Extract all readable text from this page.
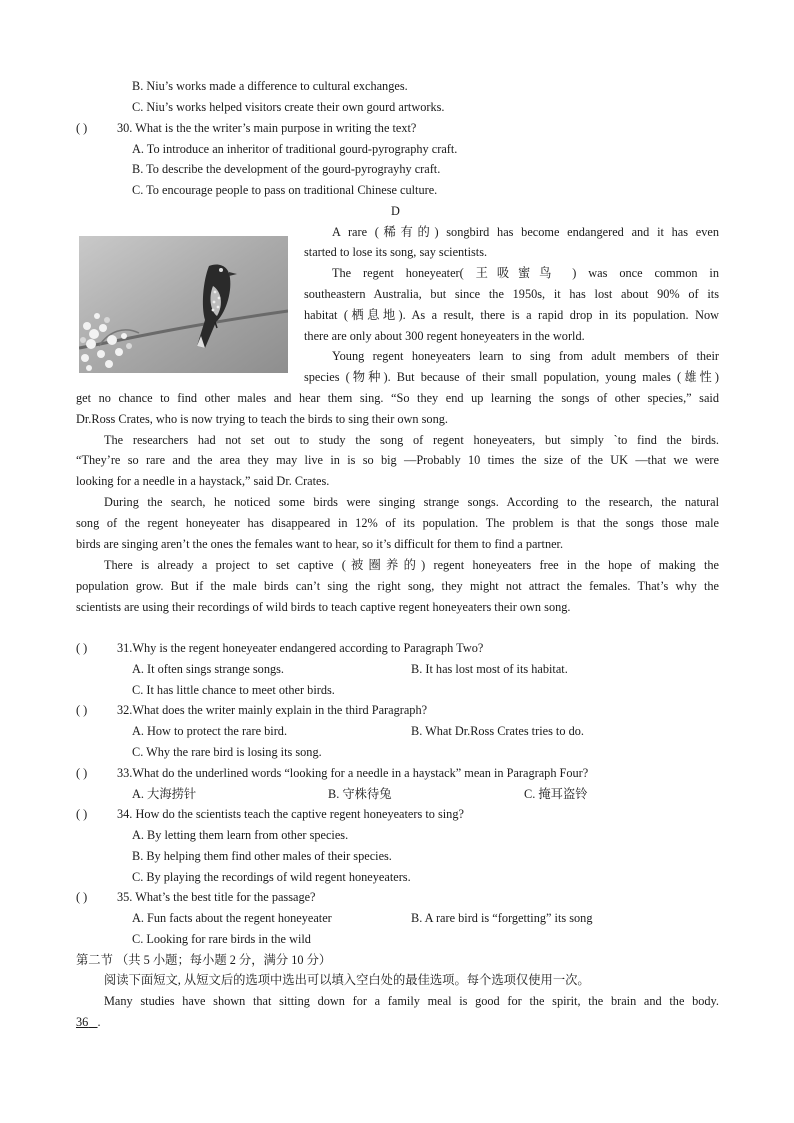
B. Niu’s works made a difference to cultural exchanges.
C. Niu’s works helped visitors create their own gourd artworks.
( ) 30. What is the the writer’s main purpose in writing the text?
A. To introduce an inheritor of traditional gourd-pyrography craft.
B. To describe the development of the gourd-pyrograyhy craft.
C. To encourage people to pass on traditional Chinese culture.
D
A rare (稀有的) songbird has become endangered and it has even
started to lose its song, say scientists.
The regent honeyeater( 王吸蜜鸟 ) was once common in
southeastern Australia, but since the 1950s, it has lost about 90% of its
habitat (栖息地). As a result, there is a rapid drop in its population. Now
there are only about 300 regent honeyeaters in the world.
Young regent honeyeaters learn to sing from adult members of their
species (物种). But because of their small population, young males (雄性)
get no chance to find other males and hear them sing. “So they end up learning the songs of other species,” said
Dr.Ross Crates, who is now trying to teach the birds to sing their own song.
The researchers had not set out to study the song of regent honeyeaters, but simply `to find the birds.
“They’re so rare and the area they may live in is so big —Probably 10 times the size of the UK —that we were
looking for a needle in a haystack,” said Dr. Crates.
During the search, he noticed some birds were singing strange songs. According to the research, the natural
song of the regent honeyeater has disappeared in 12% of its population. The problem is that the songs those male
birds are singing aren’t the ones the females want to hear, so it’s difficult for them to find a partner.
There is already a project to set captive (被圈养的) regent honeyeaters free in the hope of making the
population grow. But if the male birds can’t sing the right song, they might not attract the females. That’s why the
scientists are using their recordings of wild birds to teach captive regent honeyeaters their own song.
( ) 31.Why is the regent honeyeater endangered according to Paragraph Two?
A. It often sings strange songs.	B. It has lost most of its habitat.
C. It has little chance to meet other birds.
( ) 32.What does the writer mainly explain in the third Paragraph?
A. How to protect the rare bird.	B. What Dr.Ross Crates tries to do.
C. Why the rare bird is losing its song.
( ) 33.What do the underlined words “looking for a needle in a haystack” mean in Paragraph Four?
A. 大海捞针	B. 守株待兔	C. 掩耳盗铃
( ) 34. How do the scientists teach the captive regent honeyeaters to sing?
A. By letting them learn from other species.
B. By helping them find other males of their species.
C. By playing the recordings of wild regent honeyeaters.
( ) 35. What’s the best title for the passage?
A. Fun facts about the regent honeyeater	B. A rare bird is “forgetting” its song
C. Looking for rare birds in the wild
第二节 （共 5 小题；每小题 2 分，满分 10 分）
阅读下面短文, 从短文后的选项中选出可以填入空白处的最佳选项。每个选项仅使用一次。
Many studies have shown that sitting down for a family meal is good for the spirit, the brain and the body.
36 .
